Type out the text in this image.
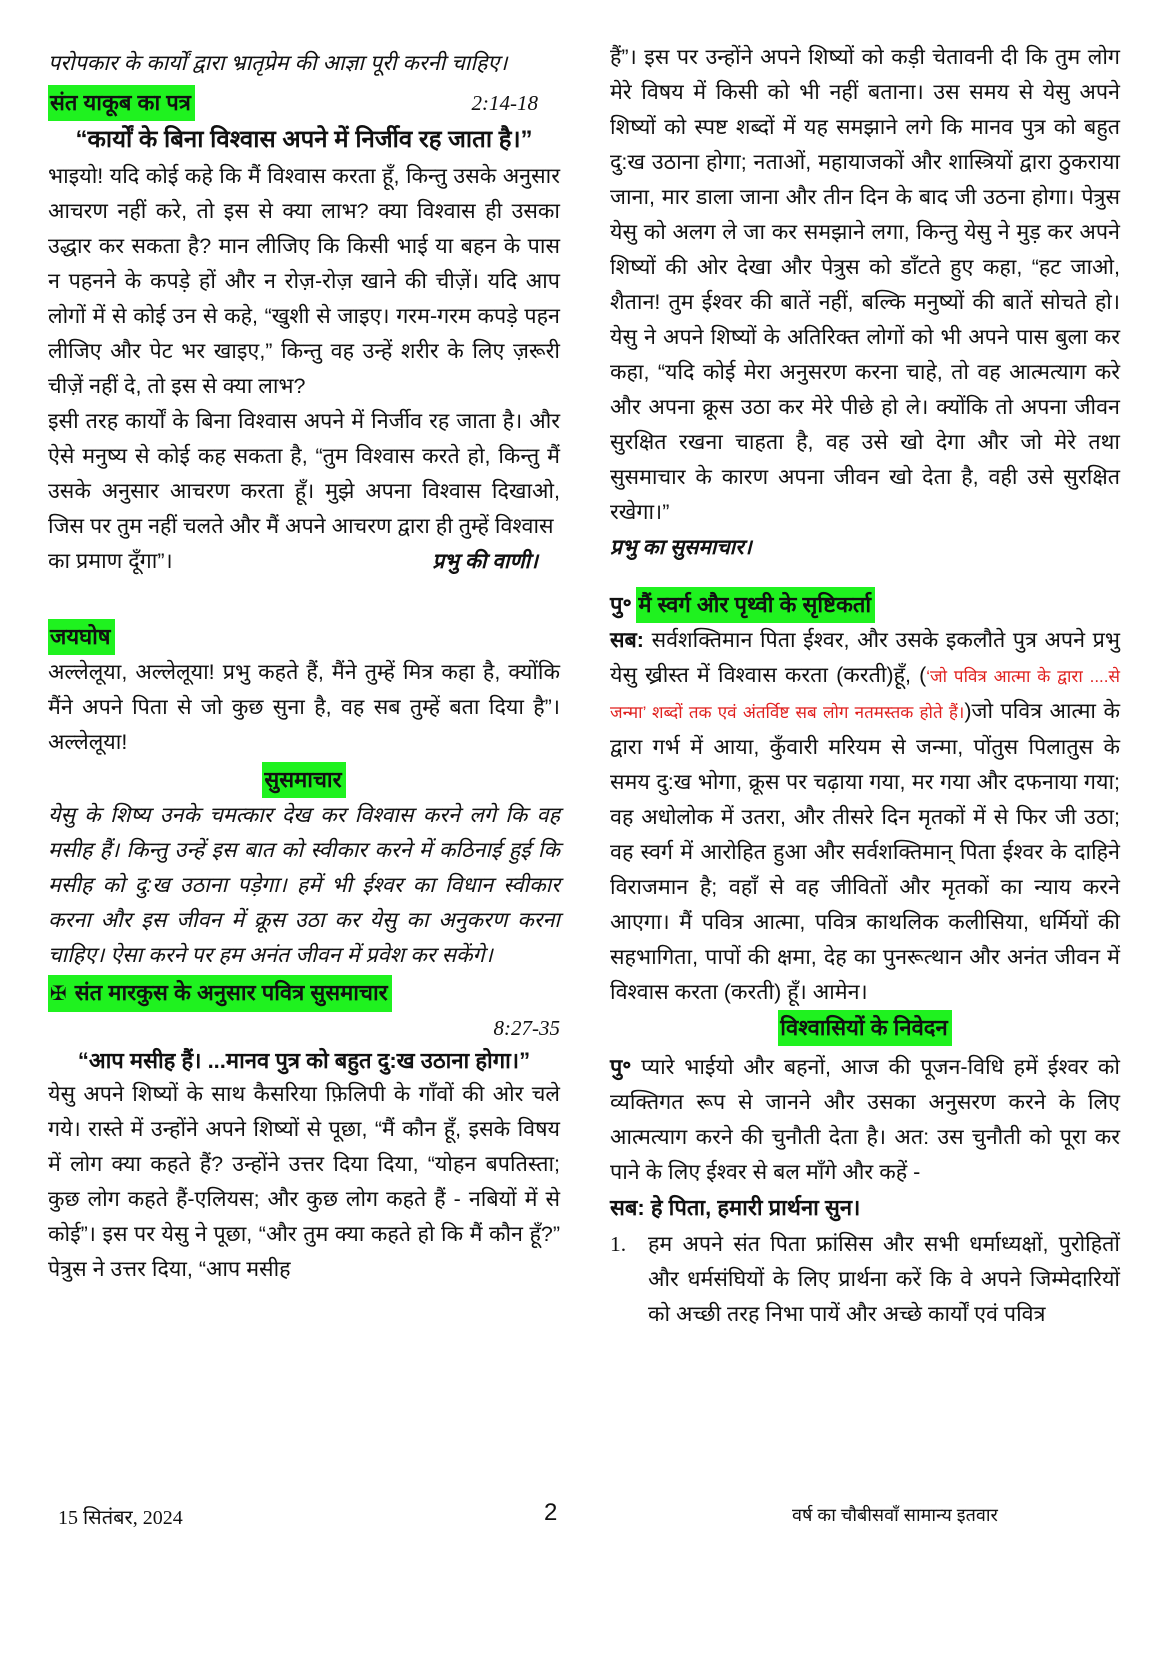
परोपकार के कार्यों द्वारा भ्रातृप्रेम की आज्ञा पूरी करनी चाहिए।

संत याकूब का पत्र	2:14-18

“कार्यों के बिना विश्वास अपने में निर्जीव रह जाता है।”

भाइयो! यदि कोई कहे कि मैं विश्वास करता हूँ, किन्तु उसके अनुसार आचरण नहीं करे, तो इस से क्या लाभ? क्या विश्वास ही उसका उद्धार कर सकता है? मान लीजिए कि किसी भाई या बहन के पास न पहनने के कपड़े हों और न रोज़-रोज़ खाने की चीज़ें। यदि आप लोगों में से कोई उन से कहे, “खुशी से जाइए। गरम-गरम कपड़े पहन लीजिए और पेट भर खाइए,” किन्तु वह उन्हें शरीर के लिए ज़रूरी चीज़ें नहीं दे, तो इस से क्या लाभ?

इसी तरह कार्यों के बिना विश्वास अपने में निर्जीव रह जाता है। और ऐसे मनुष्य से कोई कह सकता है, “तुम विश्वास करते हो, किन्तु मैं उसके अनुसार आचरण करता हूँ। मुझे अपना विश्वास दिखाओ, जिस पर तुम नहीं चलते और मैं अपने आचरण द्वारा ही तुम्हें विश्वास

का प्रमाण दूँगा”।	प्रभु की वाणी।
जयघोष

अल्लेलूया, अल्लेलूया! प्रभु कहते हैं, मैंने तुम्हें मित्र कहा है, क्योंकि मैंने अपने पिता से जो कुछ सुना है, वह सब तुम्हें बता दिया है”। अल्लेलूया!

सुसमाचार

येसु के शिष्य उनके चमत्कार देख कर विश्वास करने लगे कि वह मसीह हैं। किन्तु उन्हें इस बात को स्वीकार करने में कठिनाई हुई कि मसीह को दु:ख उठाना पड़ेगा। हमें भी ईश्वर का विधान स्वीकार करना और इस जीवन में क्रूस उठा कर येसु का अनुकरण करना चाहिए। ऐसा करने पर हम अनंत जीवन में प्रवेश कर सकेंगे।

✠ संत मारकुस के अनुसार पवित्र सुसमाचार
8:27-35

“आप मसीह हैं। ...मानव पुत्र को बहुत दु:ख उठाना होगा।”

येसु अपने शिष्यों के साथ कैसरिया फ़िलिपी के गाँवों की ओर चले गये। रास्ते में उन्होंने अपने शिष्यों से पूछा, “मैं कौन हूँ, इसके विषय में लोग क्या कहते हैं? उन्होंने उत्तर दिया दिया, “योहन बपतिस्ता; कुछ लोग कहते हैं-एलियस; और कुछ लोग कहते हैं - नबियों में से कोई”। इस पर येसु ने पूछा, “और तुम क्या कहते हो कि मैं कौन हूँ?” पेत्रुस ने उत्तर दिया, “आप मसीह

हैं”। इस पर उन्होंने अपने शिष्यों को कड़ी चेतावनी दी कि तुम लोग मेरे विषय में किसी को भी नहीं बताना। उस समय से येसु अपने शिष्यों को स्पष्ट शब्दों में यह समझाने लगे कि मानव पुत्र को बहुत दु:ख उठाना होगा; नताओं, महायाजकों और शास्त्रियों द्वारा ठुकराया जाना, मार डाला जाना और तीन दिन के बाद जी उठना होगा। पेत्रुस येसु को अलग ले जा कर समझाने लगा, किन्तु येसु ने मुड़ कर अपने शिष्यों की ओर देखा और पेत्रुस को डाँटते हुए कहा, “हट जाओ, शैतान! तुम ईश्वर की बातें नहीं, बल्कि मनुष्यों की बातें सोचते हो। येसु ने अपने शिष्यों के अतिरिक्त लोगों को भी अपने पास बुला कर कहा, “यदि कोई मेरा अनुसरण करना चाहे, तो वह आत्मत्याग करे और अपना क्रूस उठा कर मेरे पीछे हो ले। क्योंकि तो अपना जीवन सुरक्षित रखना चाहता है, वह उसे खो देगा और जो मेरे तथा सुसमाचार के कारण अपना जीवन खो देता है, वही उसे सुरक्षित रखेगा।”

प्रभु का सुसमाचार।

पु॰ मैं स्वर्ग और पृथ्वी के सृष्टिकर्ता

सब: सर्वशक्तिमान पिता ईश्वर, और उसके इकलौते पुत्र अपने प्रभु येसु ख्रीस्त में विश्वास करता (करती)हूँ, (‘जो पवित्र आत्मा के द्वारा ....से जन्मा’ शब्दों तक एवं अंतर्विष्ट सब लोग नतमस्तक होते हैं।)जो पवित्र आत्मा के द्वारा गर्भ में आया, कुँवारी मरियम से जन्मा, पोंतुस पिलातुस के समय दु:ख भोगा, क्रूस पर चढ़ाया गया, मर गया और दफनाया गया; वह अधोलोक में उतरा, और तीसरे दिन मृतकों में से फिर जी उठा; वह स्वर्ग में आरोहित हुआ और सर्वशक्तिमान् पिता ईश्वर के दाहिने विराजमान है; वहाँ से वह जीवितों और मृतकों का न्याय करने आएगा। मैं पवित्र आत्मा, पवित्र काथलिक कलीसिया, धर्मियों की सहभागिता, पापों की क्षमा, देह का पुनरूत्थान और अनंत जीवन में विश्वास करता (करती) हूँ। आमेन।

विश्वासियों के निवेदन

पु॰ प्यारे भाईयो और बहनों, आज की पूजन-विधि हमें ईश्वर को व्यक्तिगत रूप से जानने और उसका अनुसरण करने के लिए आत्मत्याग करने की चुनौती देता है। अत: उस चुनौती को पूरा कर पाने के लिए ईश्वर से बल माँगे और कहें -

सब: हे पिता, हमारी प्रार्थना सुन।

1.	हम अपने संत पिता फ्रांसिस और सभी धर्माध्यक्षों, पुरोहितों और धर्मसंघियों के लिए प्रार्थना करें कि वे अपने जिम्मेदारियों को अच्छी तरह निभा पायें और अच्छे कार्यों एवं पवित्र
15 सितंबर, 2024	2	वर्ष का चौबीसवाँ सामान्य इतवार
